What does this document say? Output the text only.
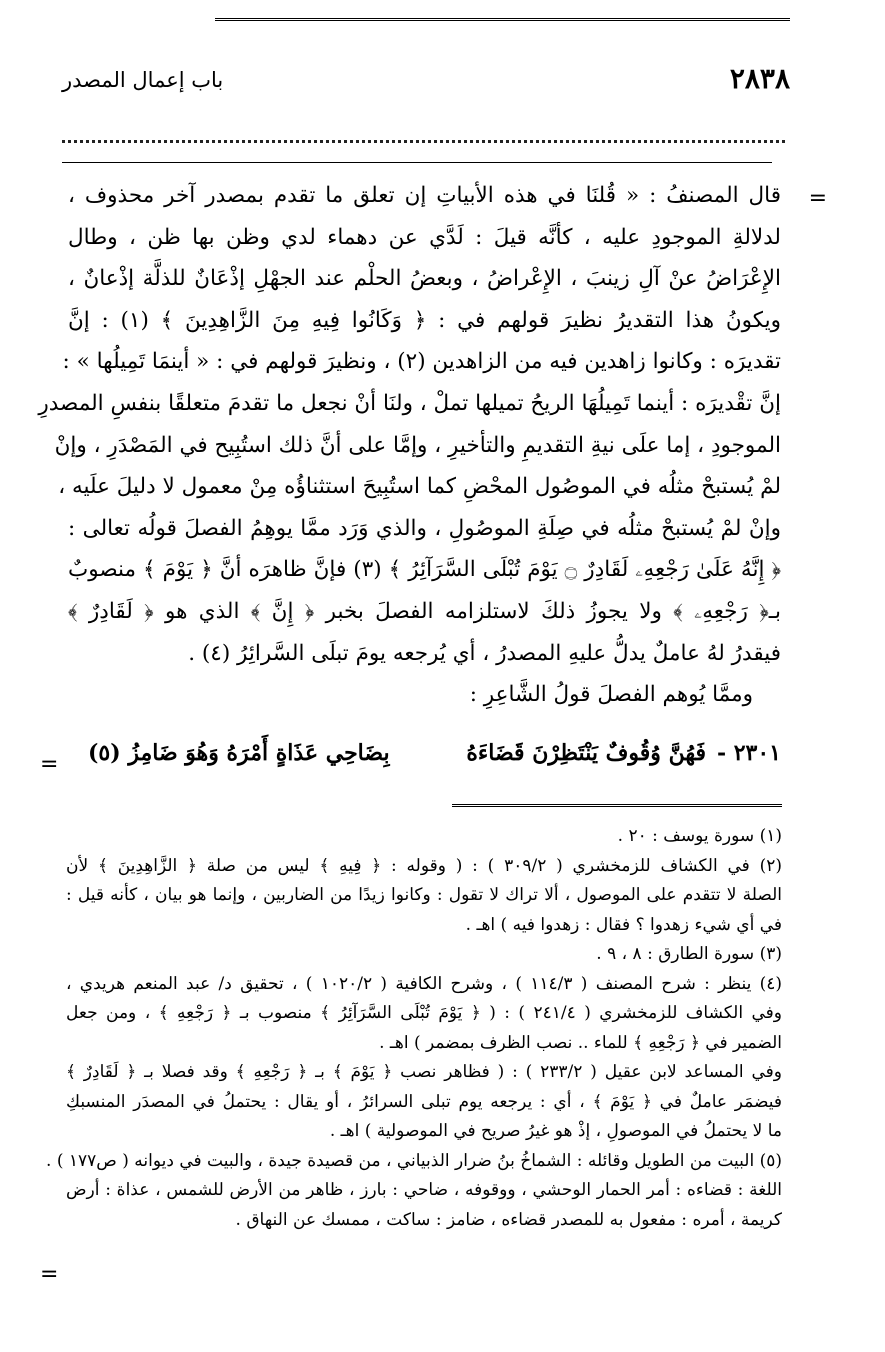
٢٨٣٨
باب إعمال المصدر
=
قال المصنفُ : « قُلنَا في هذه الأبياتِ إن تعلق ما تقدم بمصدر آخر محذوف ،
لدلالةِ الموجودِ عليه ، كأنَّه قيلَ : لَدَّي عن دهماء لدي وظن بها ظن ، وطال
الإِعْرَاضُ عنْ آلِ زينبَ ، الإِعْراضُ ، وبعضُ الحلْم عند الجهْلِ إذْعَانٌ للذلَّة إذْعانٌ ،
ويكونُ هذا التقديرُ نظيرَ قولهم في : ﴿ وَكَانُوا فِيهِ مِنَ الزَّاهِدِينَ ﴾ (١) : إنَّ
تقديرَه : وكانوا زاهدين فيه من الزاهدين (٢) ، ونظيرَ قولهم في : « أينمَا تَمِيلُها » :
إنَّ تقْديرَه : أينما تَمِيلُهَا الريحُ تميلها تملْ ، ولنَا أنْ نجعل ما تقدمَ متعلقًا بنفسِ المصدرِ
الموجودِ ، إما علَى نيةِ التقديمِ والتأخيرِ ، وإمَّا على أنَّ ذلك استُبِيح في المَصْدَرِ ، وإنْ
لمْ يُستبحْ مثلُه في الموصُول المحْضِ كما استُبِيحَ استثناؤُه مِنْ معمول لا دليلَ علَيه ،
وإنْ لمْ يُستبحْ مثلُه في صِلَةِ الموصُولِ ، والذي وَرَد ممَّا يوهِمُ الفصلَ قولُه تعالى :
﴿ إِنَّهُ عَلَىٰ رَجْعِهِۦ لَقَادِرٌ ۝ يَوْمَ تُبْلَى السَّرَآئِرُ ﴾ (٣) فإنَّ ظاهرَه أنَّ ﴿ يَوْمَ ﴾ منصوبٌ
بـ﴿ رَجْعِهِۦ ﴾ ولا يجوزُ ذلكَ لاستلزامه الفصلَ بخبر ﴿ إِنَّ ﴾ الذي هو ﴿ لَقَادِرٌ ﴾
فيقدرُ لهُ عاملٌ يدلُّ عليهِ المصدرُ ، أي يُرجعه يومَ تبلَى السَّرائِرُ (٤) .
وممَّا يُوهم الفصلَ قولُ الشَّاعِرِ :
٢٣٠١ -
فَهُنَّ وُقُوفٌ يَنْتَظِرْنَ قَضَاءَهُ
بِضَاحِي عَذَاةٍ أَمْرَهُ وَهُوَ ضَامِزُ (٥)
=
(١) سورة يوسف : ٢٠ .
(٢) في الكشاف للزمخشري ( ٣٠٩/٢ ) : ( وقوله : ﴿ فِيهِ ﴾ ليس من صلة ﴿ الزَّاهِدِينَ ﴾ لأن
الصلة لا تتقدم على الموصول ، ألا تراك لا تقول : وكانوا زيدًا من الضاربين ، وإنما هو بيان ، كأنه قيل :
في أي شيء زهدوا ؟ فقال : زهدوا فيه ) اهـ .
(٣) سورة الطارق : ٨ ، ٩ .
(٤) ينظر : شرح المصنف ( ١١٤/٣ ) ، وشرح الكافية ( ١٠٢٠/٢ ) ، تحقيق د/ عبد المنعم هريدي ،
وفي الكشاف للزمخشري ( ٢٤١/٤ ) : ( ﴿ يَوْمَ تُبْلَى السَّرَآئِرُ ﴾ منصوب بـ ﴿ رَجْعِهِ ﴾ ، ومن جعل
الضمير في ﴿ رَجْعِهِ ﴾ للماء .. نصب الظرف بمضمر ) اهـ .
وفي المساعد لابن عقيل ( ٢٣٣/٢ ) : ( فظاهر نصب ﴿ يَوْمَ ﴾ بـ ﴿ رَجْعِهِ ﴾ وقد فصلا بـ ﴿ لَقَادِرٌ ﴾
فيضمَر عاملٌ في ﴿ يَوْمَ ﴾ ، أي : يرجعه يوم تبلى السرائرُ ، أو يقال : يحتملُ في المصدَر المنسبكِ
ما لا يحتملُ في الموصولِ ، إذْ هو غيرُ صريح في الموصولية ) اهـ .
(٥) البيت من الطويل وقائله : الشماخُ بنُ ضرار الذبياني ، من قصيدة جيدة ، والبيت في ديوانه ( ص١٧٧ ) .
اللغة : قضاءه : أمر الحمار الوحشي ، ووقوفه ، ضاحي : بارز ، ظاهر من الأرض للشمس ، عذاة : أرض
كريمة ، أمره : مفعول به للمصدر قضاءه ، ضامز : ساكت ، ممسك عن النهاق .
=
